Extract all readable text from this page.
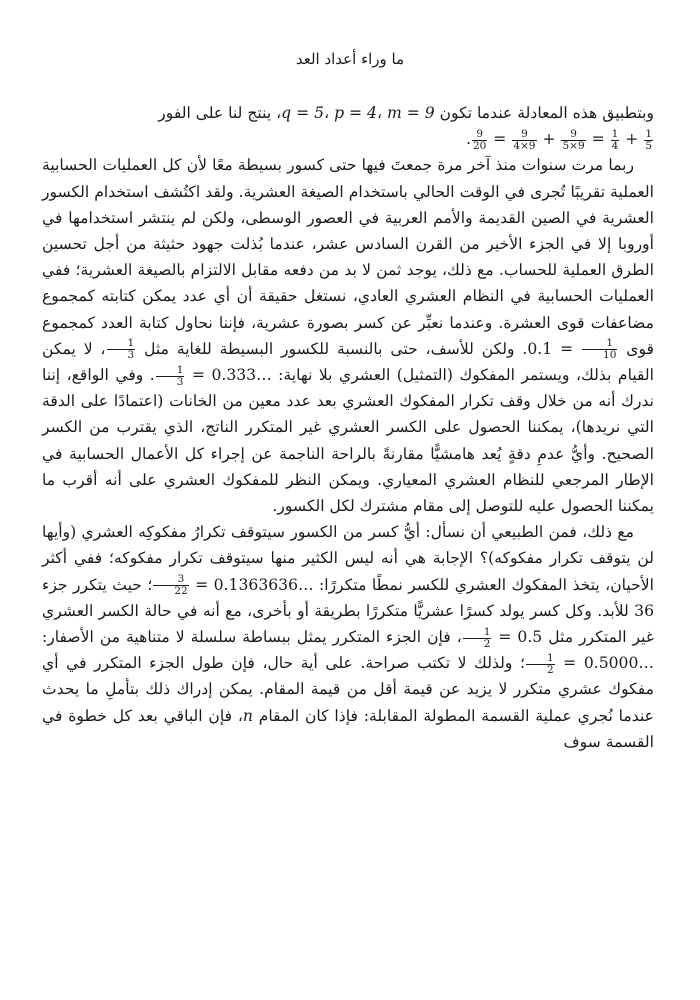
ما وراء أعداد العد

وبتطبيق هذه المعادلة عندما تكون q = 5، p = 4، m = 9، ينتج لنا على الفور

$\frac{9}{20} = \frac{9}{4\times 9} + \frac{9}{5\times 9} = \frac{1}{4} + \frac{1}{5}$
.

ربما مرت سنوات منذ آخر مرة جمعتَ فيها حتى كسور بسيطة معًا لأن كل العمليات الحسابية العملية تقريبًا تُجرى في الوقت الحالي باستخدام الصيغة العشرية. ولقد اكتُشف استخدام الكسور العشرية في الصين القديمة والأمم العربية في العصور الوسطى، ولكن لم ينتشر استخدامها في أوروبا إلا في الجزء الأخير من القرن السادس عشر، عندما بُذلت جهود حثيثة من أجل تحسين الطرق العملية للحساب. مع ذلك، يوجد ثمن لا بد من دفعه مقابل الالتزام بالصيغة العشرية؛ ففي العمليات الحسابية في النظام العشري العادي، نستغل حقيقة أن أي عدد يمكن كتابته كمجموع مضاعفات قوى العشرة. وعندما نعبِّر عن كسر بصورة عشرية، فإننا نحاول كتابة العدد كمجموع قوى $0.1 = \frac{1}{10}$
. ولكن للأسف، حتى بالنسبة للكسور البسيطة للغاية مثل
$\frac{1}{3}$
، لا يمكن القيام بذلك، ويستمر المفكوك (التمثيل) العشري بلا نهاية:
$\frac{1}{3}$ = 0.333…. وفي الواقع، إننا ندرك أنه من خلال وقف تكرار المفكوك العشري بعد عدد معين من الخانات (اعتمادًا على الدقة التي نريدها)، يمكننا الحصول على الكسر العشري غير المتكرر الناتج، الذي يقترب من الكسر الصحيح. وأيُّ عدمِ دقةٍ يُعد هامشيًّا مقارنةً بالراحة الناجمة عن إجراء كل الأعمال الحسابية في الإطار المرجعي للنظام العشري المعياري. ويمكن النظر للمفكوك العشري على أنه أقرب ما يمكننا الحصول عليه للتوصل إلى مقام مشترك لكل الكسور.

مع ذلك، فمن الطبيعي أن نسأل: أيُّ كسر من الكسور سيتوقف تكرارُ مفكوكِه العشري (وأيها لن يتوقف تكرار مفكوكه)؟ الإجابة هي أنه ليس الكثير منها سيتوقف تكرار مفكوكه؛ ففي أكثر الأحيان، يتخذ المفكوك العشري للكسر نمطًا متكررًا:
$\frac{3}{22}$ = 0.1363636…؛ حيث يتكرر جزء 36 للأبد. وكل كسر يولد كسرًا عشريًّا متكررًا بطريقة أو بأخرى، مع أنه في حالة الكسر العشري غير المتكرر مثل
$\frac{1}{2}$ = 0.5، فإن الجزء المتكرر يمثل ببساطة سلسلة لا متناهية من الأصفار:
$\frac{1}{2}$ = 0.5000…؛ ولذلك لا تكتب صراحة. على أية حال، فإن طول الجزء المتكرر في أي مفكوك عشري متكرر لا يزيد عن قيمة أقل من قيمة المقام. يمكن إدراك ذلك بتأملِ ما يحدث عندما نُجري عملية القسمة المطولة المقابلة: فإذا كان المقام n، فإن الباقي بعد كل خطوة في القسمة سوف
